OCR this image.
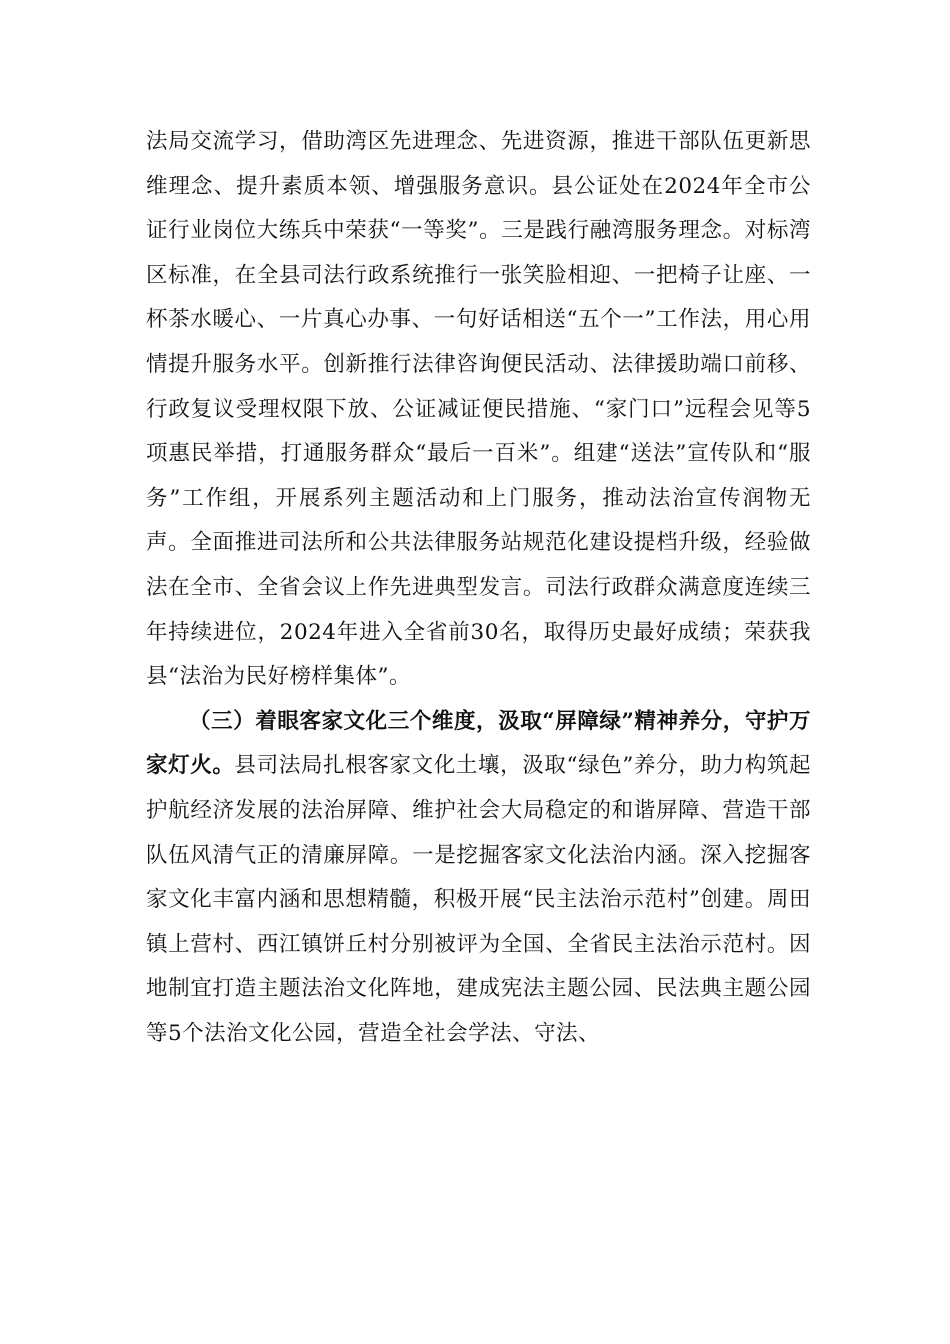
法局交流学习，借助湾区先进理念、先进资源，推进干部队伍更新思维理念、提升素质本领、增强服务意识。县公证处在2024年全市公证行业岗位大练兵中荣获“一等奖”。三是践行融湾服务理念。对标湾区标准，在全县司法行政系统推行一张笑脸相迎、一把椅子让座、一杯茶水暖心、一片真心办事、一句好话相送“五个一”工作法，用心用情提升服务水平。创新推行法律咨询便民活动、法律援助端口前移、行政复议受理权限下放、公证减证便民措施、“家门口”远程会见等5项惠民举措，打通服务群众“最后一百米”。组建“送法”宣传队和“服务”工作组，开展系列主题活动和上门服务，推动法治宣传润物无声。全面推进司法所和公共法律服务站规范化建设提档升级，经验做法在全市、全省会议上作先进典型发言。司法行政群众满意度连续三年持续进位，2024年进入全省前30名，取得历史最好成绩；荣获我县“法治为民好榜样集体”。

（三）着眼客家文化三个维度，汲取“屏障绿”精神养分，守护万家灯火。县司法局扎根客家文化土壤，汲取“绿色”养分，助力构筑起护航经济发展的法治屏障、维护社会大局稳定的和谐屏障、营造干部队伍风清气正的清廉屏障。一是挖掘客家文化法治内涵。深入挖掘客家文化丰富内涵和思想精髓，积极开展“民主法治示范村”创建。周田镇上营村、西江镇饼丘村分别被评为全国、全省民主法治示范村。因地制宜打造主题法治文化阵地，建成宪法主题公园、民法典主题公园等5个法治文化公园，营造全社会学法、守法、
